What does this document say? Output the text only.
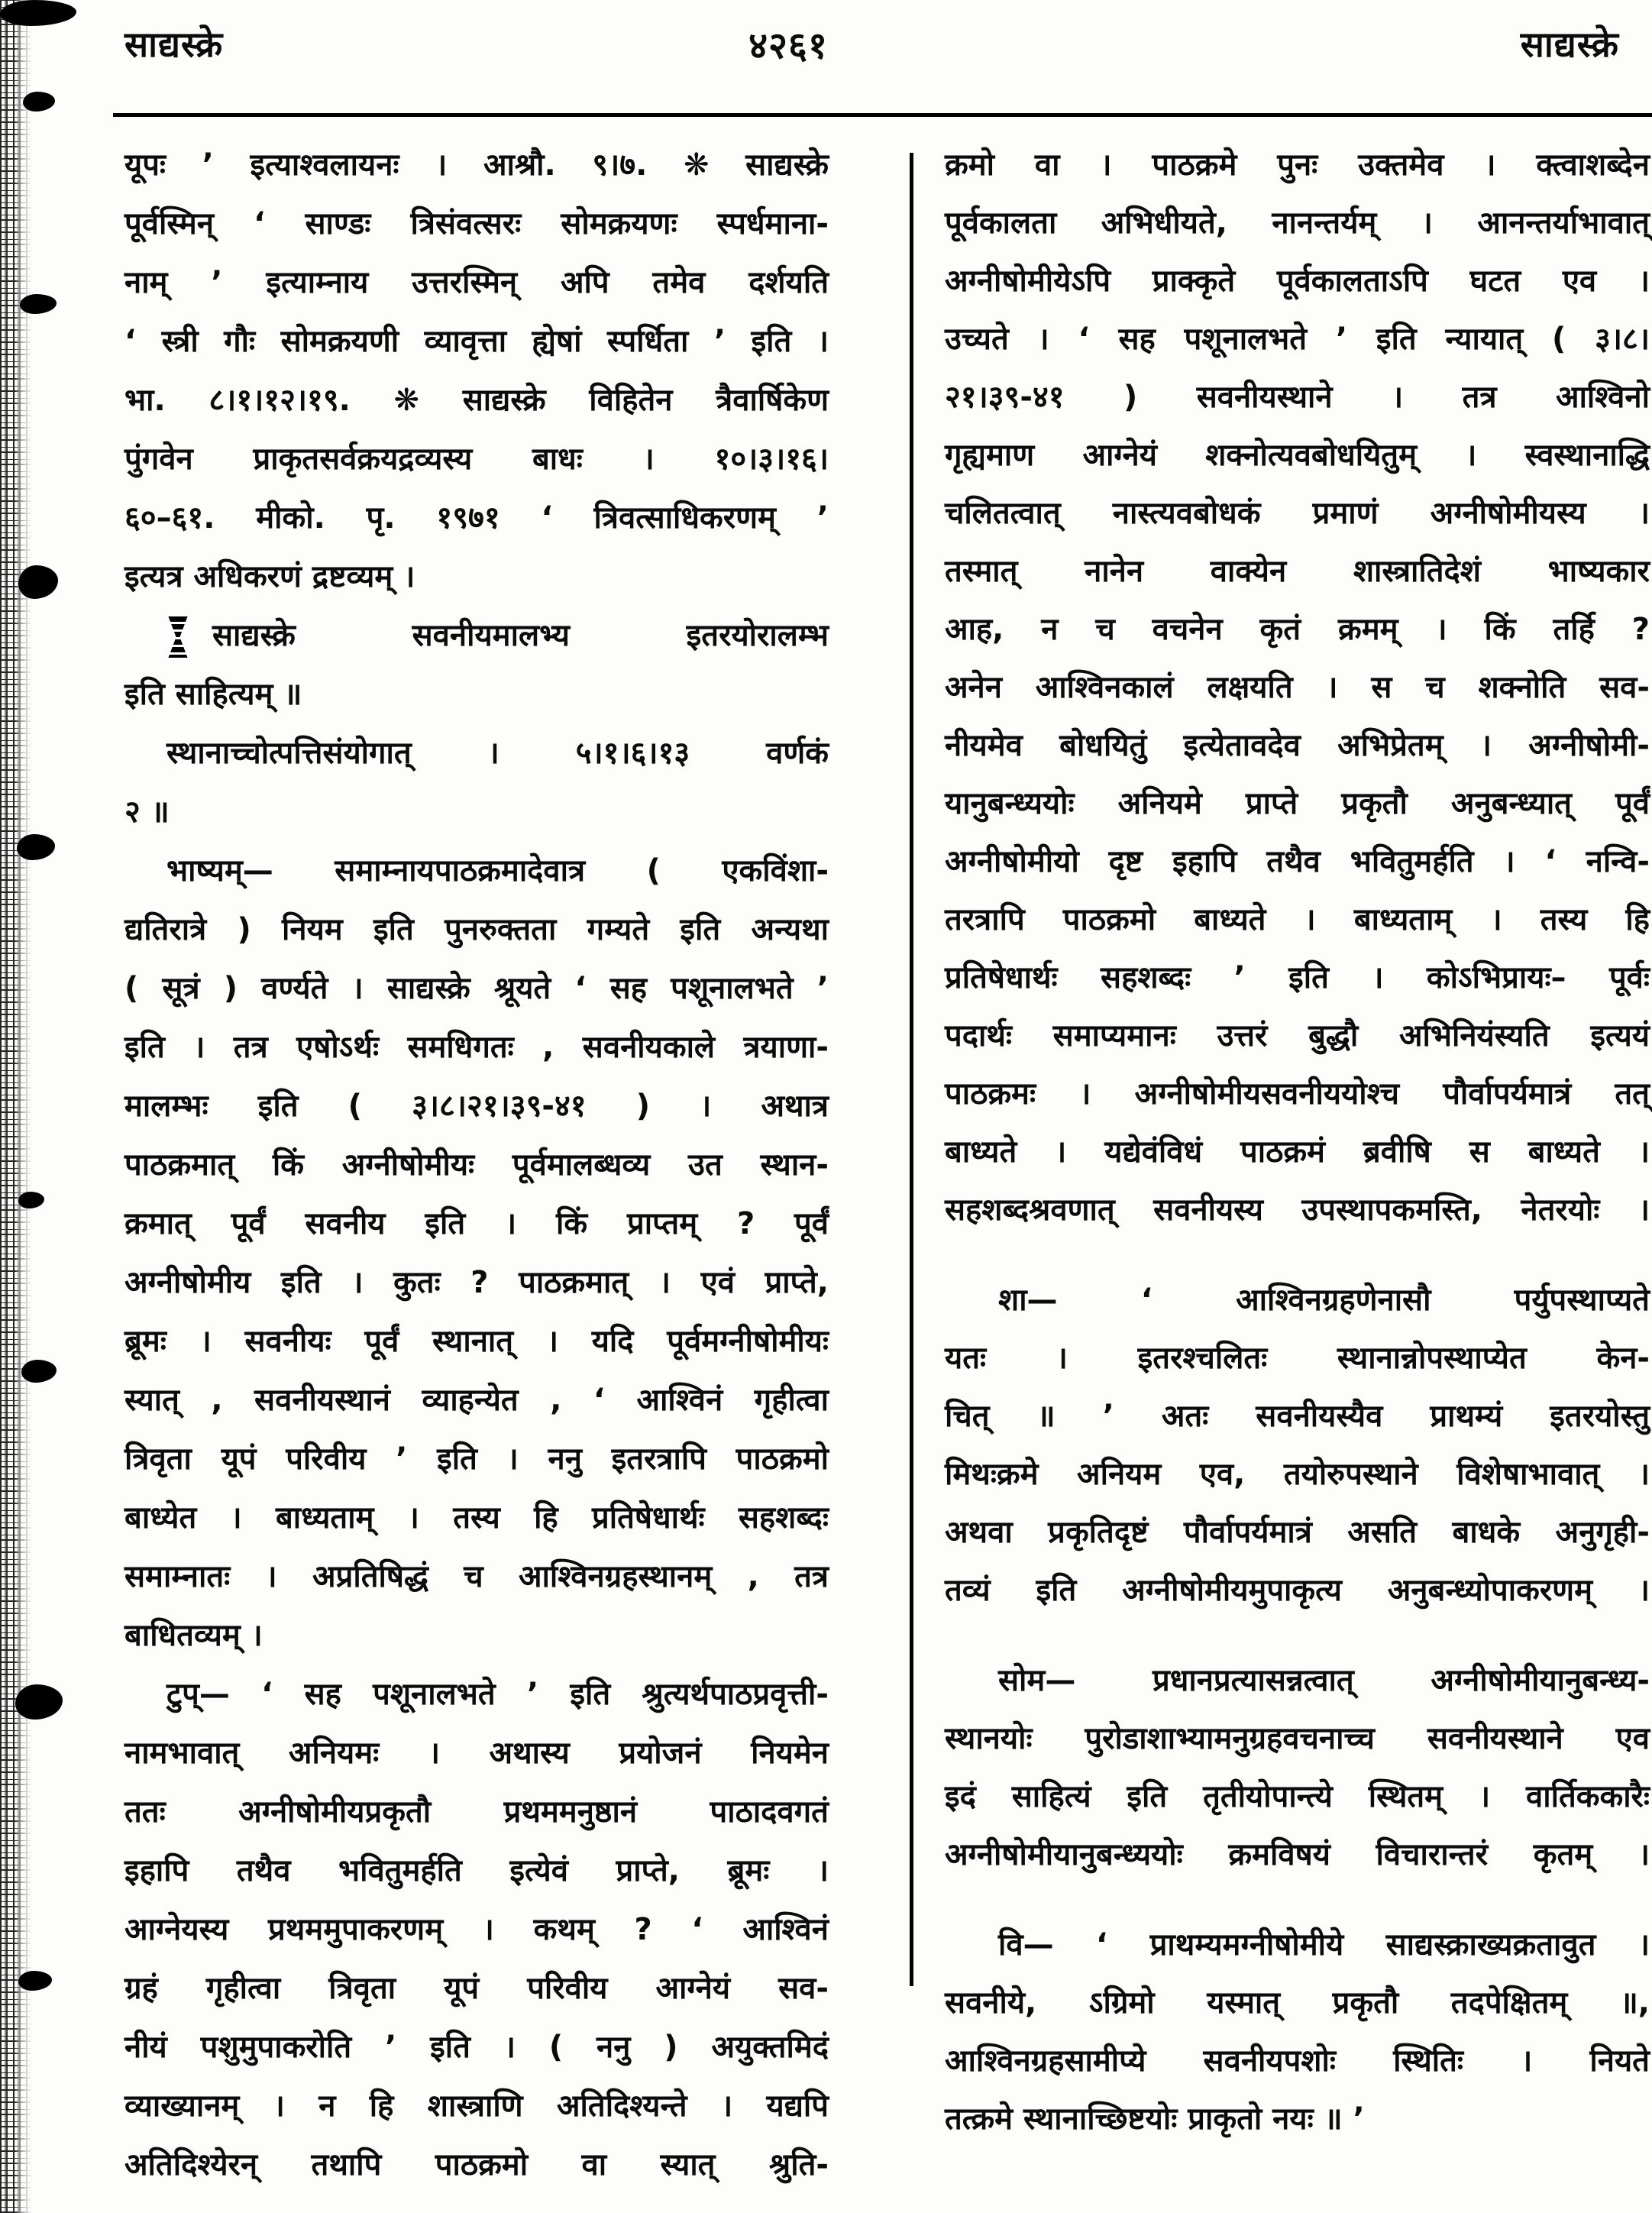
साद्यस्क्रे	४२६१	साद्यस्क्रे
यूपः ’ इत्याश्वलायनः । आश्रौ. ९।७. ❋ साद्यस्क्रे
पूर्वस्मिन् ‘ साण्डः त्रिसंवत्सरः सोमक्रयणः स्पर्धमाना-
नाम् ’ इत्याम्नाय उत्तरस्मिन् अपि तमेव दर्शयति
‘ स्त्री गौः सोमक्रयणी व्यावृत्ता ह्येषां स्पर्धिता ’ इति ।
भा. ८।१।१२।१९. ❋ साद्यस्क्रे विहितेन त्रैवार्षिकेण
पुंगवेन प्राकृतसर्वक्रयद्रव्यस्य बाधः । १०।३।१६।
६०–६१. मीको. पृ. १९७१ ‘ त्रिवत्साधिकरणम् ’
इत्यत्र अधिकरणं द्रष्टव्यम् ।
साद्यस्क्रे सवनीयमालभ्य इतरयोरालम्भ
इति साहित्यम् ॥
स्थानाच्चोत्पत्तिसंयोगात् । ५।१।६।१३ वर्णकं
२ ॥
भाष्यम्— समाम्नायपाठक्रमादेवात्र ( एकविंशा-
द्यतिरात्रे ) नियम इति पुनरुक्तता गम्यते इति अन्यथा
( सूत्रं ) वर्ण्यते । साद्यस्क्रे श्रूयते ‘ सह पशूनालभते ’
इति । तत्र एषोऽर्थः समधिगतः , सवनीयकाले त्रयाणा-
मालम्भः इति ( ३।८।२१।३९-४१ ) । अथात्र
पाठक्रमात् किं अग्नीषोमीयः पूर्वमालब्धव्य उत स्थान-
क्रमात् पूर्वं सवनीय इति । किं प्राप्तम् ? पूर्वं
अग्नीषोमीय इति । कुतः ? पाठक्रमात् । एवं प्राप्ते,
ब्रूमः । सवनीयः पूर्वं स्थानात् । यदि पूर्वमग्नीषोमीयः
स्यात् , सवनीयस्थानं व्याहन्येत , ‘ आश्विनं गृहीत्वा
त्रिवृता यूपं परिवीय ’ इति । ननु इतरत्रापि पाठक्रमो
बाध्येत । बाध्यताम् । तस्य हि प्रतिषेधार्थः सहशब्दः
समाम्नातः । अप्रतिषिद्धं च आश्विनग्रहस्थानम् , तत्र
बाधितव्यम् ।
टुप्— ‘ सह पशूनालभते ’ इति श्रुत्यर्थपाठप्रवृत्ती-
नामभावात् अनियमः । अथास्य प्रयोजनं नियमेन
ततः अग्नीषोमीयप्रकृतौ प्रथममनुष्ठानं पाठादवगतं
इहापि तथैव भवितुमर्हति इत्येवं प्राप्ते, ब्रूमः ।
आग्नेयस्य प्रथममुपाकरणम् । कथम् ? ‘ आश्विनं
ग्रहं गृहीत्वा त्रिवृता यूपं परिवीय आग्नेयं सव-
नीयं पशुमुपाकरोति ’ इति । ( ननु ) अयुक्तमिदं
व्याख्यानम् । न हि शास्त्राणि अतिदिश्यन्ते । यद्यपि
अतिदिश्येरन् तथापि पाठक्रमो वा स्यात् श्रुति-
क्रमो वा । पाठक्रमे पुनः उक्तमेव । क्त्वाशब्देन
पूर्वकालता अभिधीयते, नानन्तर्यम् । आनन्तर्याभावात्
अग्नीषोमीयेऽपि प्राक्कृते पूर्वकालताऽपि घटत एव ।
उच्यते । ‘ सह पशूनालभते ’ इति न्यायात् ( ३।८।
२१।३९-४१ ) सवनीयस्थाने । तत्र आश्विनो
गृह्यमाण आग्नेयं शक्नोत्यवबोधयितुम् । स्वस्थानाद्धि
चलितत्वात् नास्त्यवबोधकं प्रमाणं अग्नीषोमीयस्य ।
तस्मात् नानेन वाक्येन शास्त्रातिदेशं भाष्यकार
आह, न च वचनेन कृतं क्रमम् । किं तर्हि ?
अनेन आश्विनकालं लक्षयति । स च शक्नोति सव-
नीयमेव बोधयितुं इत्येतावदेव अभिप्रेतम् । अग्नीषोमी-
यानुबन्ध्ययोः अनियमे प्राप्ते प्रकृतौ अनुबन्ध्यात् पूर्वं
अग्नीषोमीयो दृष्ट इहापि तथैव भवितुमर्हति । ‘ नन्वि-
तरत्रापि पाठक्रमो बाध्यते । बाध्यताम् । तस्य हि
प्रतिषेधार्थः सहशब्दः ’ इति । कोऽभिप्रायः– पूर्वः
पदार्थः समाप्यमानः उत्तरं बुद्धौ अभिनियंस्यति इत्ययं
पाठक्रमः । अग्नीषोमीयसवनीययोश्च पौर्वापर्यमात्रं तत्
बाध्यते । यद्येवंविधं पाठक्रमं ब्रवीषि स बाध्यते ।
सहशब्दश्रवणात् सवनीयस्य उपस्थापकमस्ति, नेतरयोः ।
शा— ‘ आश्विनग्रहणेनासौ पर्युपस्थाप्यते
यतः । इतरश्चलितः स्थानान्नोपस्थाप्येत केन-
चित् ॥ ’ अतः सवनीयस्यैव प्राथम्यं इतरयोस्तु
मिथःक्रमे अनियम एव, तयोरुपस्थाने विशेषाभावात् ।
अथवा प्रकृतिदृष्टं पौर्वापर्यमात्रं असति बाधके अनुगृही-
तव्यं इति अग्नीषोमीयमुपाकृत्य अनुबन्ध्योपाकरणम् ।
सोम— प्रधानप्रत्यासन्नत्वात् अग्नीषोमीयानुबन्ध्य-
स्थानयोः पुरोडाशाभ्यामनुग्रहवचनाच्च सवनीयस्थाने एव
इदं साहित्यं इति तृतीयोपान्त्ये स्थितम् । वार्तिककारैः
अग्नीषोमीयानुबन्ध्ययोः क्रमविषयं विचारान्तरं कृतम् ।
वि— ‘ प्राथम्यमग्नीषोमीये साद्यस्क्राख्यक्रतावुत ।
सवनीये, ऽग्रिमो यस्मात् प्रकृतौ तदपेक्षितम् ॥,
आश्विनग्रहसामीप्ये सवनीयपशोः स्थितिः । नियते
तत्क्रमे स्थानाच्छिष्टयोः प्राकृतो नयः ॥ ’
